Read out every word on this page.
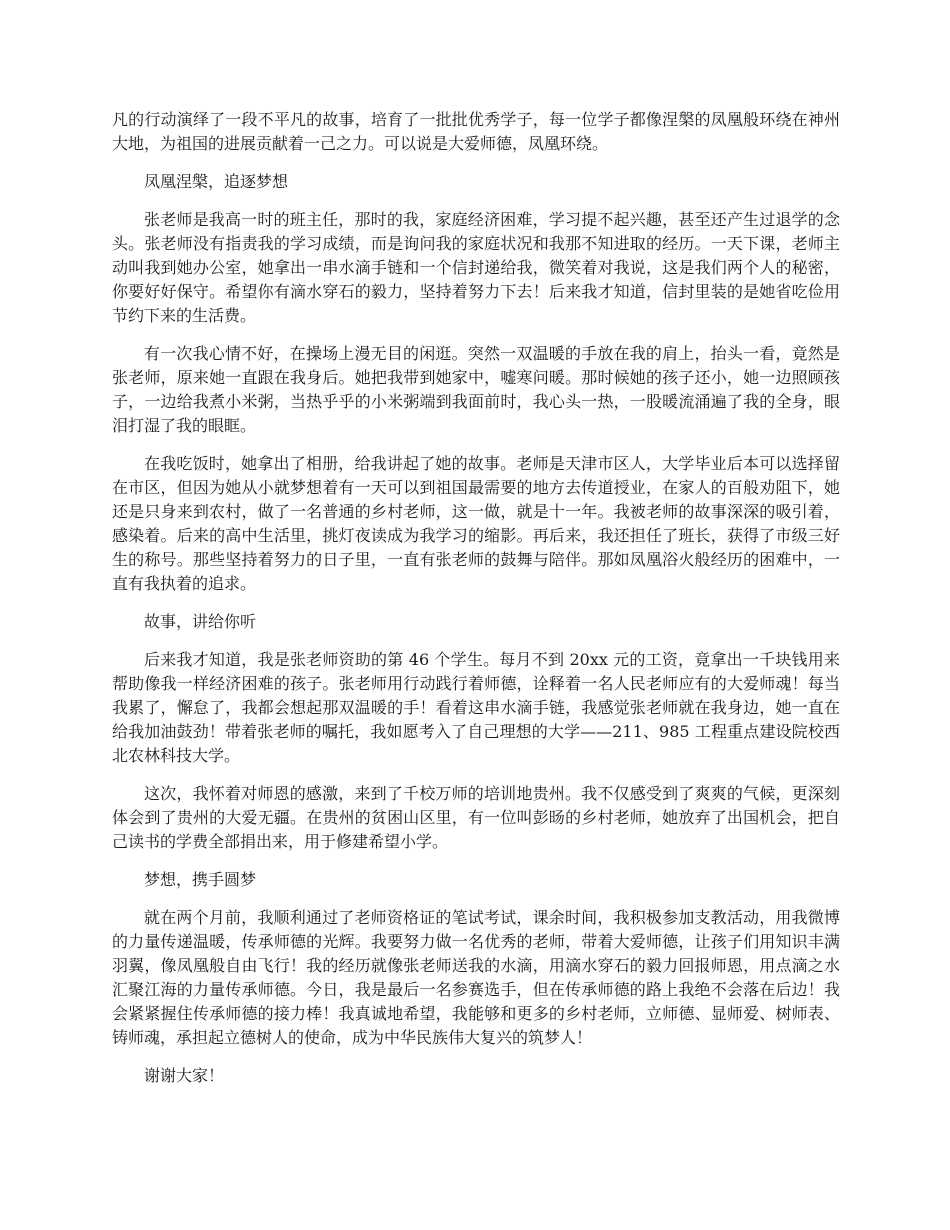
凡的行动演绎了一段不平凡的故事，培育了一批批优秀学子，每一位学子都像涅槃的凤凰般环绕在神州大地，为祖国的进展贡献着一己之力。可以说是大爱师德，凤凰环绕。

凤凰涅槃，追逐梦想

张老师是我高一时的班主任，那时的我，家庭经济困难，学习提不起兴趣，甚至还产生过退学的念头。张老师没有指责我的学习成绩，而是询问我的家庭状况和我那不知进取的经历。一天下课，老师主动叫我到她办公室，她拿出一串水滴手链和一个信封递给我，微笑着对我说，这是我们两个人的秘密，你要好好保守。希望你有滴水穿石的毅力，坚持着努力下去！后来我才知道，信封里装的是她省吃俭用节约下来的生活费。

有一次我心情不好，在操场上漫无目的闲逛。突然一双温暖的手放在我的肩上，抬头一看，竟然是张老师，原来她一直跟在我身后。她把我带到她家中，嘘寒问暖。那时候她的孩子还小，她一边照顾孩子，一边给我煮小米粥，当热乎乎的小米粥端到我面前时，我心头一热，一股暖流涌遍了我的全身，眼泪打湿了我的眼眶。

在我吃饭时，她拿出了相册，给我讲起了她的故事。老师是天津市区人，大学毕业后本可以选择留在市区，但因为她从小就梦想着有一天可以到祖国最需要的地方去传道授业，在家人的百般劝阻下，她还是只身来到农村，做了一名普通的乡村老师，这一做，就是十一年。我被老师的故事深深的吸引着，感染着。后来的高中生活里，挑灯夜读成为我学习的缩影。再后来，我还担任了班长，获得了市级三好生的称号。那些坚持着努力的日子里，一直有张老师的鼓舞与陪伴。那如凤凰浴火般经历的困难中，一直有我执着的追求。

故事，讲给你听

后来我才知道，我是张老师资助的第 46 个学生。每月不到 20xx 元的工资，竟拿出一千块钱用来帮助像我一样经济困难的孩子。张老师用行动践行着师德，诠释着一名人民老师应有的大爱师魂！每当我累了，懈怠了，我都会想起那双温暖的手！看着这串水滴手链，我感觉张老师就在我身边，她一直在给我加油鼓劲！带着张老师的嘱托，我如愿考入了自己理想的大学——211、985 工程重点建设院校西北农林科技大学。

这次，我怀着对师恩的感激，来到了千校万师的培训地贵州。我不仅感受到了爽爽的气候，更深刻体会到了贵州的大爱无疆。在贵州的贫困山区里，有一位叫彭旸的乡村老师，她放弃了出国机会，把自己读书的学费全部捐出来，用于修建希望小学。

梦想，携手圆梦

就在两个月前，我顺利通过了老师资格证的笔试考试，课余时间，我积极参加支教活动，用我微博的力量传递温暖，传承师德的光辉。我要努力做一名优秀的老师，带着大爱师德，让孩子们用知识丰满羽翼，像凤凰般自由飞行！我的经历就像张老师送我的水滴，用滴水穿石的毅力回报师恩，用点滴之水汇聚江海的力量传承师德。今日，我是最后一名参赛选手，但在传承师德的路上我绝不会落在后边！我会紧紧握住传承师德的接力棒！我真诚地希望，我能够和更多的乡村老师，立师德、显师爱、树师表、铸师魂，承担起立德树人的使命，成为中华民族伟大复兴的筑梦人！

谢谢大家！
